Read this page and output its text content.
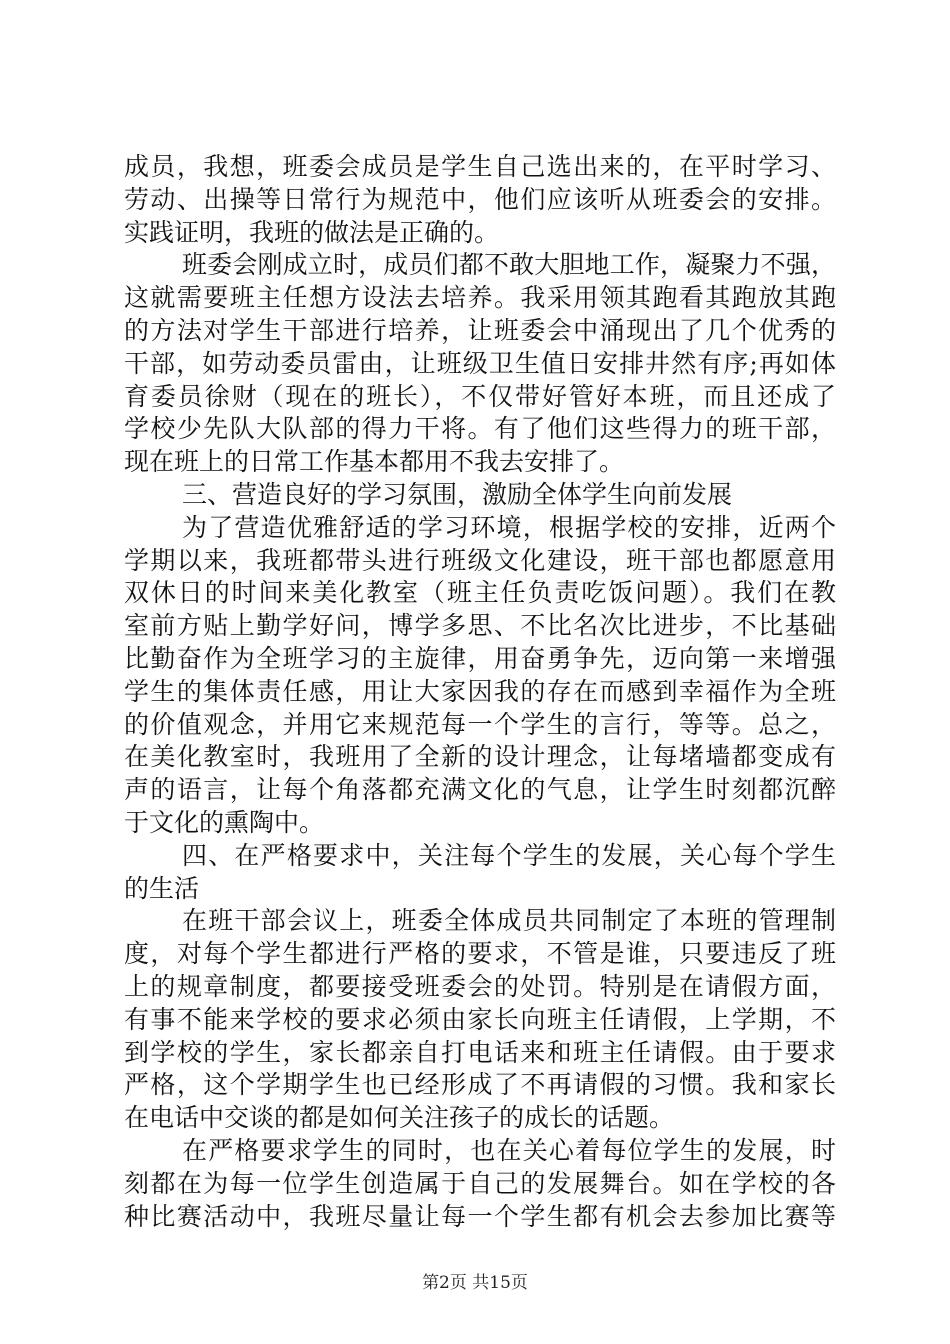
成员，我想，班委会成员是学生自己选出来的，在平时学习、
劳动、出操等日常行为规范中，他们应该听从班委会的安排。
实践证明，我班的做法是正确的。
班委会刚成立时，成员们都不敢大胆地工作，凝聚力不强，
这就需要班主任想方设法去培养。我采用领其跑看其跑放其跑
的方法对学生干部进行培养，让班委会中涌现出了几个优秀的
干部，如劳动委员雷由，让班级卫生值日安排井然有序;再如体
育委员徐财（现在的班长），不仅带好管好本班，而且还成了
学校少先队大队部的得力干将。有了他们这些得力的班干部，
现在班上的日常工作基本都用不我去安排了。
三、营造良好的学习氛围，激励全体学生向前发展
为了营造优雅舒适的学习环境，根据学校的安排，近两个
学期以来，我班都带头进行班级文化建设，班干部也都愿意用
双休日的时间来美化教室（班主任负责吃饭问题）。我们在教
室前方贴上勤学好问，博学多思、不比名次比进步，不比基础
比勤奋作为全班学习的主旋律，用奋勇争先，迈向第一来增强
学生的集体责任感，用让大家因我的存在而感到幸福作为全班
的价值观念，并用它来规范每一个学生的言行，等等。总之，
在美化教室时，我班用了全新的设计理念，让每堵墙都变成有
声的语言，让每个角落都充满文化的气息，让学生时刻都沉醉
于文化的熏陶中。
四、在严格要求中，关注每个学生的发展，关心每个学生
的生活
在班干部会议上，班委全体成员共同制定了本班的管理制
度，对每个学生都进行严格的要求，不管是谁，只要违反了班
上的规章制度，都要接受班委会的处罚。特别是在请假方面，
有事不能来学校的要求必须由家长向班主任请假，上学期，不
到学校的学生，家长都亲自打电话来和班主任请假。由于要求
严格，这个学期学生也已经形成了不再请假的习惯。我和家长
在电话中交谈的都是如何关注孩子的成长的话题。
在严格要求学生的同时，也在关心着每位学生的发展，时
刻都在为每一位学生创造属于自己的发展舞台。如在学校的各
种比赛活动中，我班尽量让每一个学生都有机会去参加比赛等
第2页 共15页
